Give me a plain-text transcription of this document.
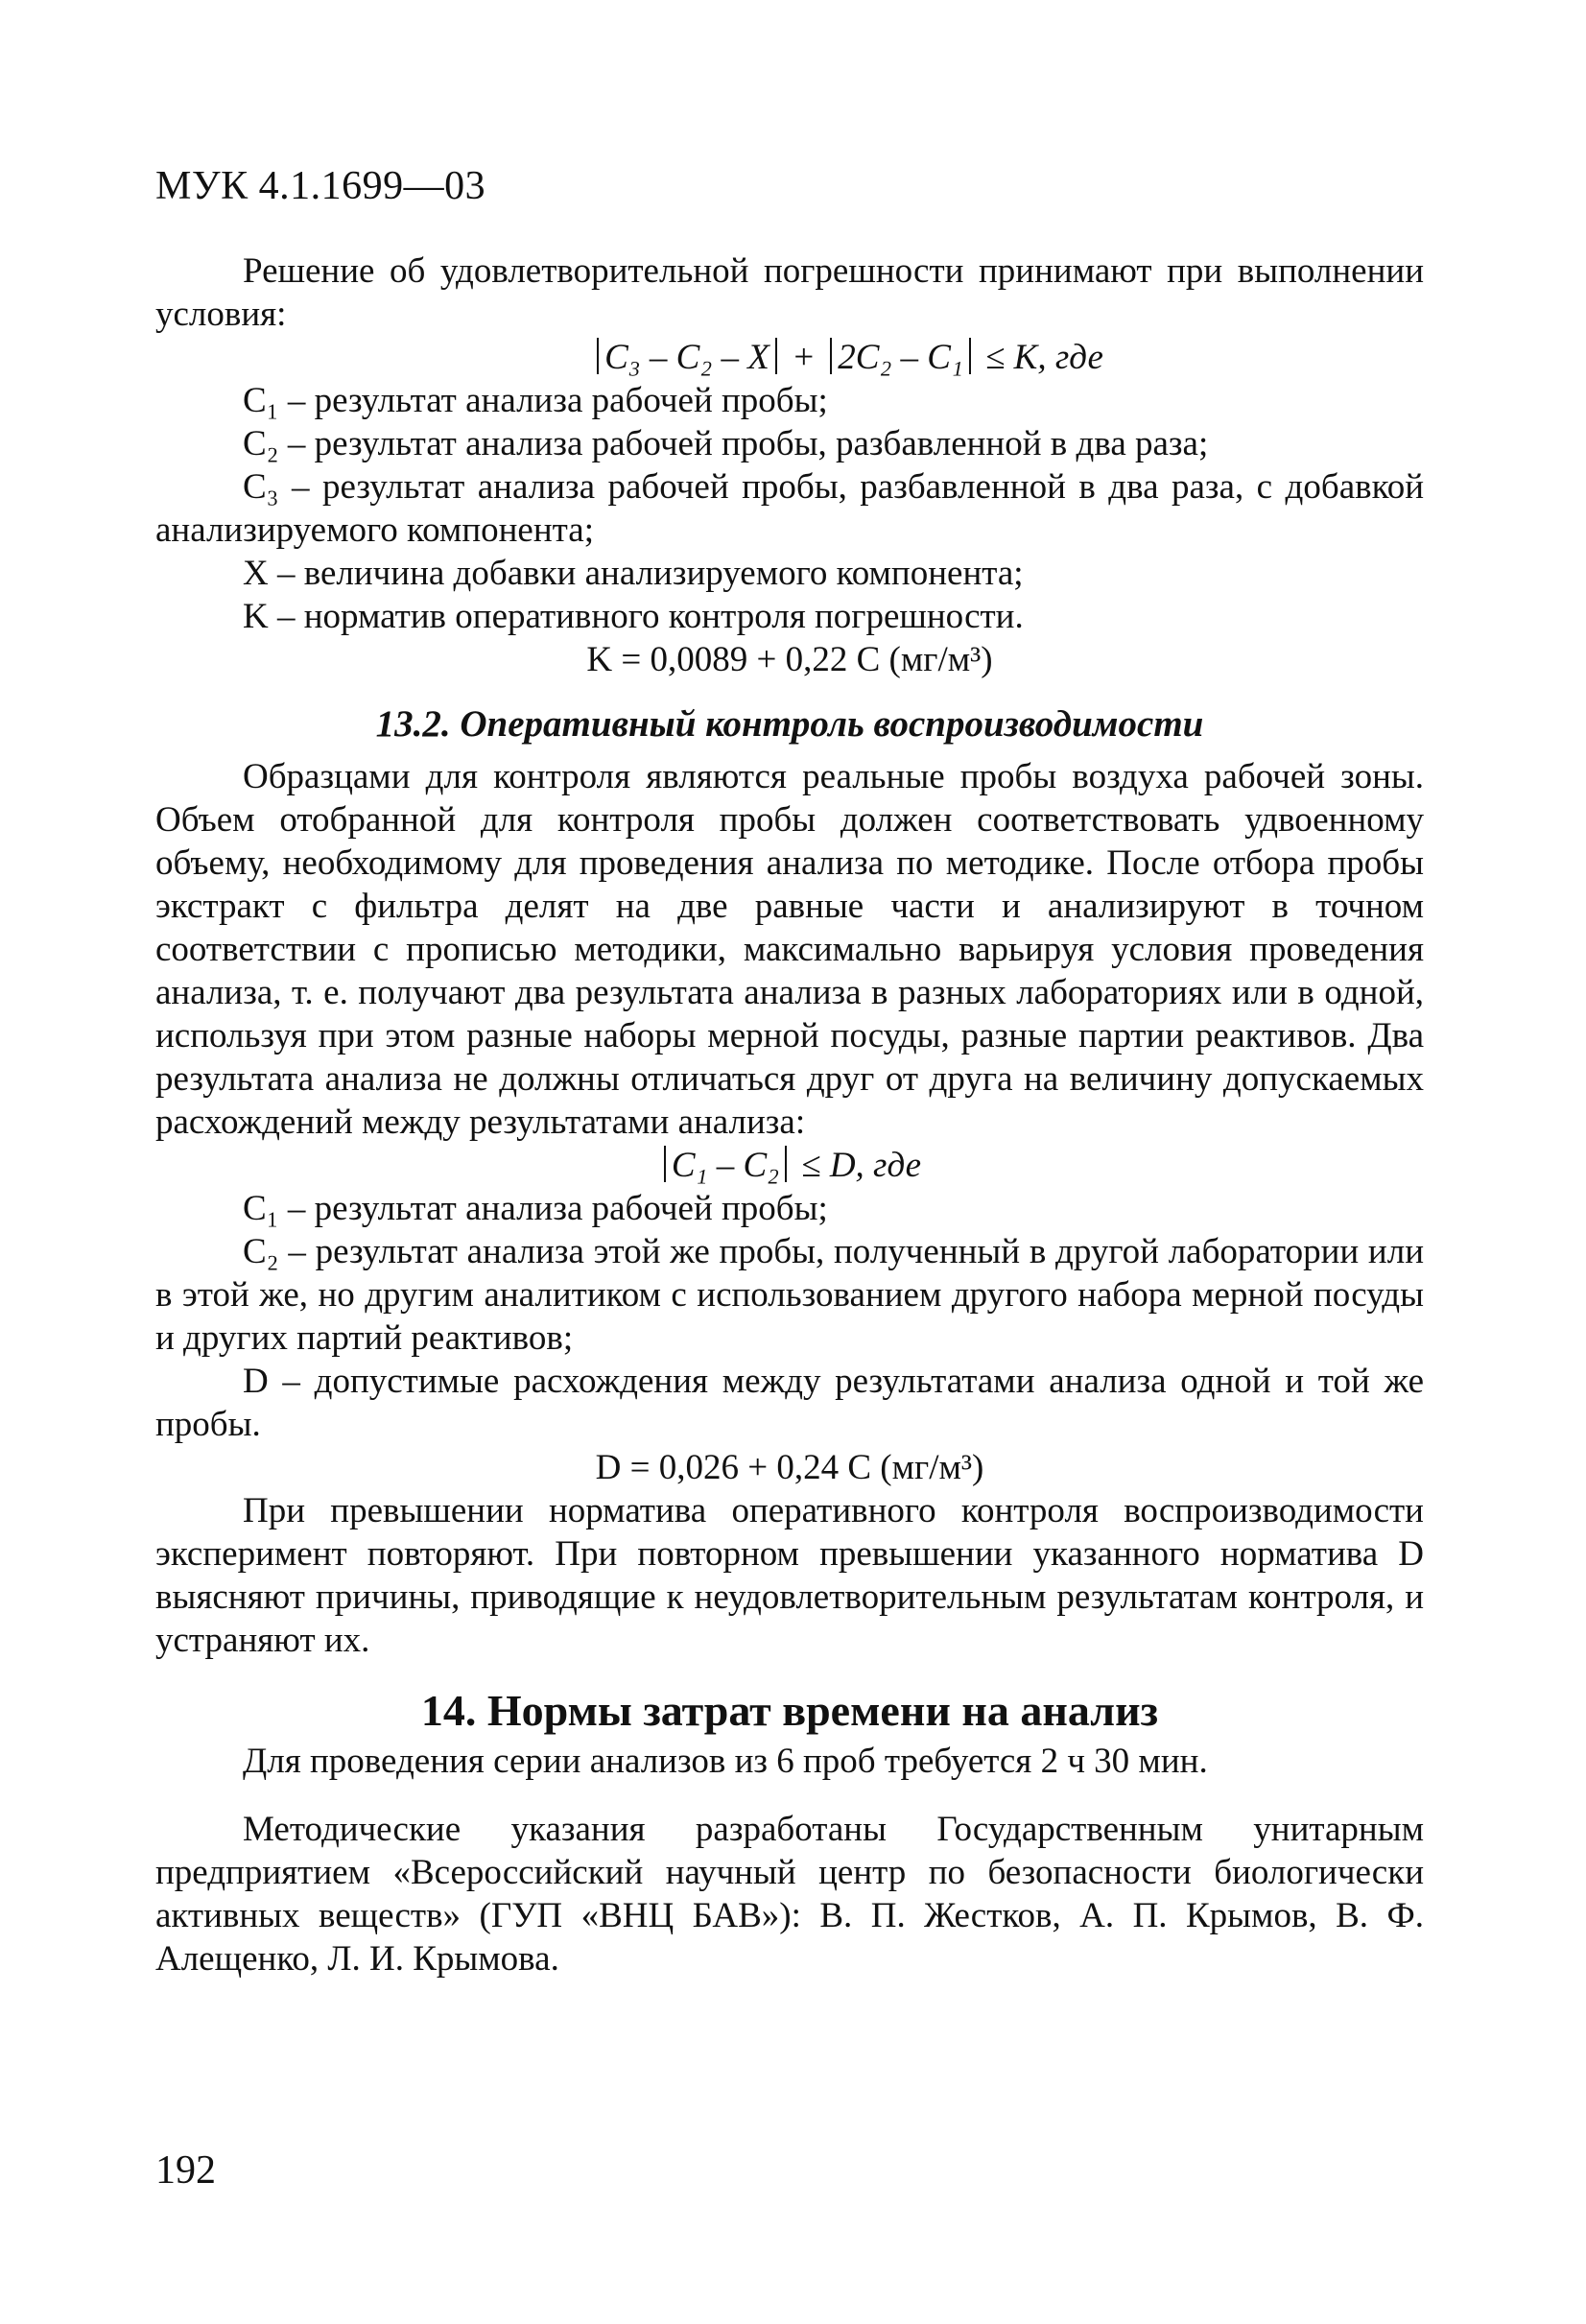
МУК 4.1.1699—03

Решение об удовлетворительной погрешности принимают при выполнении условия:

C₃ – C₂ – X + 2C₂ – C₁ ≤ K, где

C₁ – результат анализа рабочей пробы;

C₂ – результат анализа рабочей пробы, разбавленной в два раза;

C₃ – результат анализа рабочей пробы, разбавленной в два раза, с добавкой анализируемого компонента;

X – величина добавки анализируемого компонента;

K – норматив оперативного контроля погрешности.

K = 0,0089 + 0,22 C (мг/м³)

13.2. Оперативный контроль воспроизводимости

Образцами для контроля являются реальные пробы воздуха рабочей зоны. Объем отобранной для контроля пробы должен соответствовать удвоенному объему, необходимому для проведения анализа по методике. После отбора пробы экстракт с фильтра делят на две равные части и анализируют в точном соответствии с прописью методики, максимально варьируя условия проведения анализа, т. е. получают два результата анализа в разных лабораториях или в одной, используя при этом разные наборы мерной посуды, разные партии реактивов. Два результата анализа не должны отличаться друг от друга на величину допускаемых расхождений между результатами анализа:

C₁ – C₂ ≤ D, где

C₁ – результат анализа рабочей пробы;

C₂ – результат анализа этой же пробы, полученный в другой лаборатории или в этой же, но другим аналитиком с использованием другого набора мерной посуды и других партий реактивов;

D – допустимые расхождения между результатами анализа одной и той же пробы.

D = 0,026 + 0,24 C (мг/м³)

При превышении норматива оперативного контроля воспроизводимости эксперимент повторяют. При повторном превышении указанного норматива D выясняют причины, приводящие к неудовлетворительным результатам контроля, и устраняют их.

14. Нормы затрат времени на анализ

Для проведения серии анализов из 6 проб требуется 2 ч 30 мин.

Методические указания разработаны Государственным унитарным предприятием «Всероссийский научный центр по безопасности биологически активных веществ» (ГУП «ВНЦ БАВ»): В. П. Жестков, А. П. Крымов, В. Ф. Алещенко, Л. И. Крымова.

192
